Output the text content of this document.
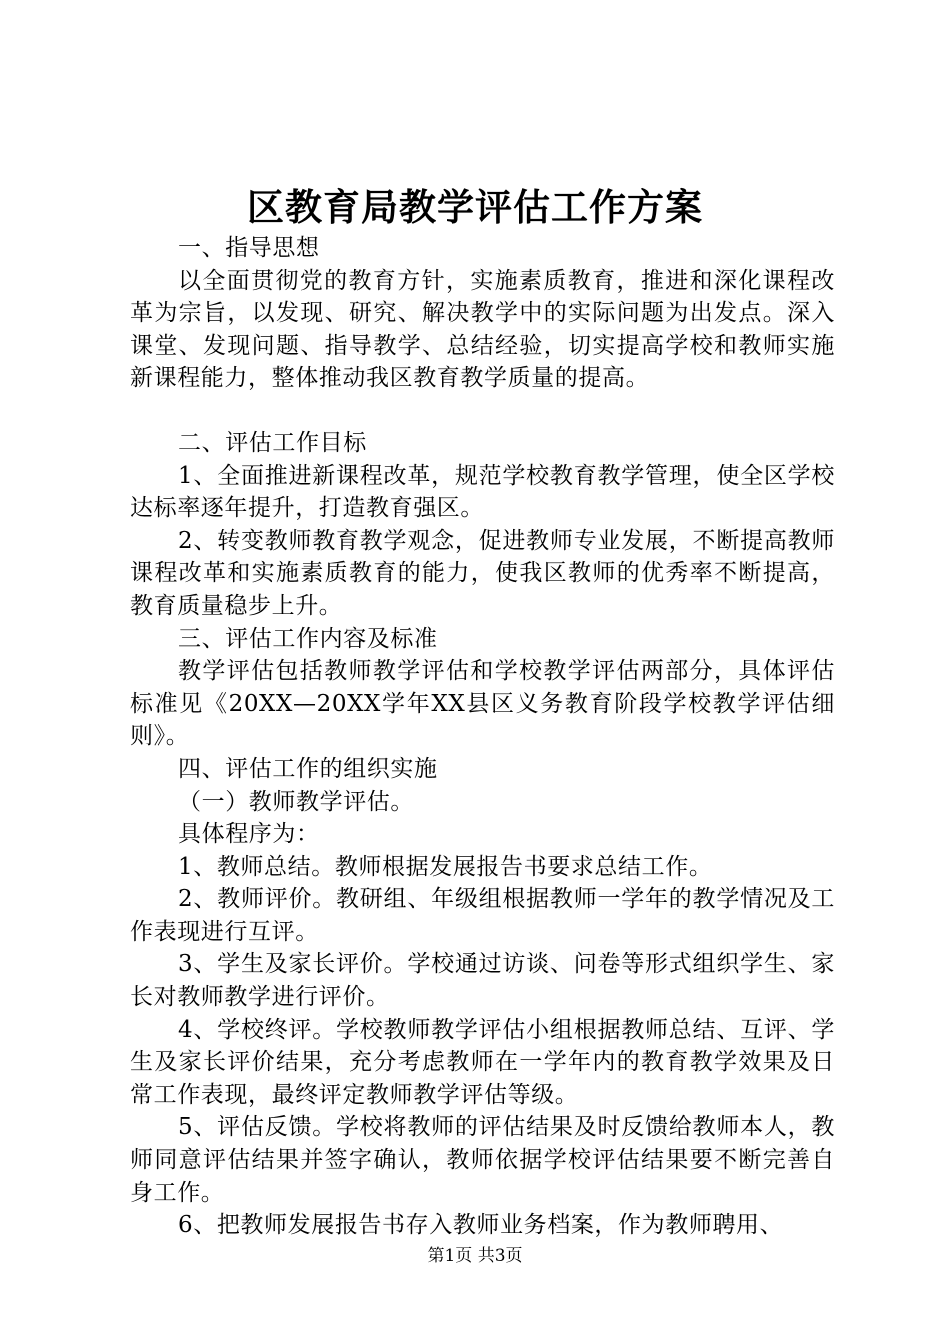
区教育局教学评估工作方案

一、指导思想

以全面贯彻党的教育方针，实施素质教育，推进和深化课程改革为宗旨，以发现、研究、解决教学中的实际问题为出发点。深入课堂、发现问题、指导教学、总结经验，切实提高学校和教师实施新课程能力，整体推动我区教育教学质量的提高。

二、评估工作目标

1、全面推进新课程改革，规范学校教育教学管理，使全区学校达标率逐年提升，打造教育强区。

2、转变教师教育教学观念，促进教师专业发展，不断提高教师课程改革和实施素质教育的能力，使我区教师的优秀率不断提高，教育质量稳步上升。

三、评估工作内容及标准

教学评估包括教师教学评估和学校教学评估两部分，具体评估标准见《20XX—20XX学年XX县区义务教育阶段学校教学评估细则》。

四、评估工作的组织实施

（一）教师教学评估。

具体程序为：

1、教师总结。教师根据发展报告书要求总结工作。

2、教师评价。教研组、年级组根据教师一学年的教学情况及工作表现进行互评。

3、学生及家长评价。学校通过访谈、问卷等形式组织学生、家长对教师教学进行评价。

4、学校终评。学校教师教学评估小组根据教师总结、互评、学生及家长评价结果，充分考虑教师在一学年内的教育教学效果及日常工作表现，最终评定教师教学评估等级。

5、评估反馈。学校将教师的评估结果及时反馈给教师本人，教师同意评估结果并签字确认，教师依据学校评估结果要不断完善自身工作。

6、把教师发展报告书存入教师业务档案，作为教师聘用、

第1页 共3页
